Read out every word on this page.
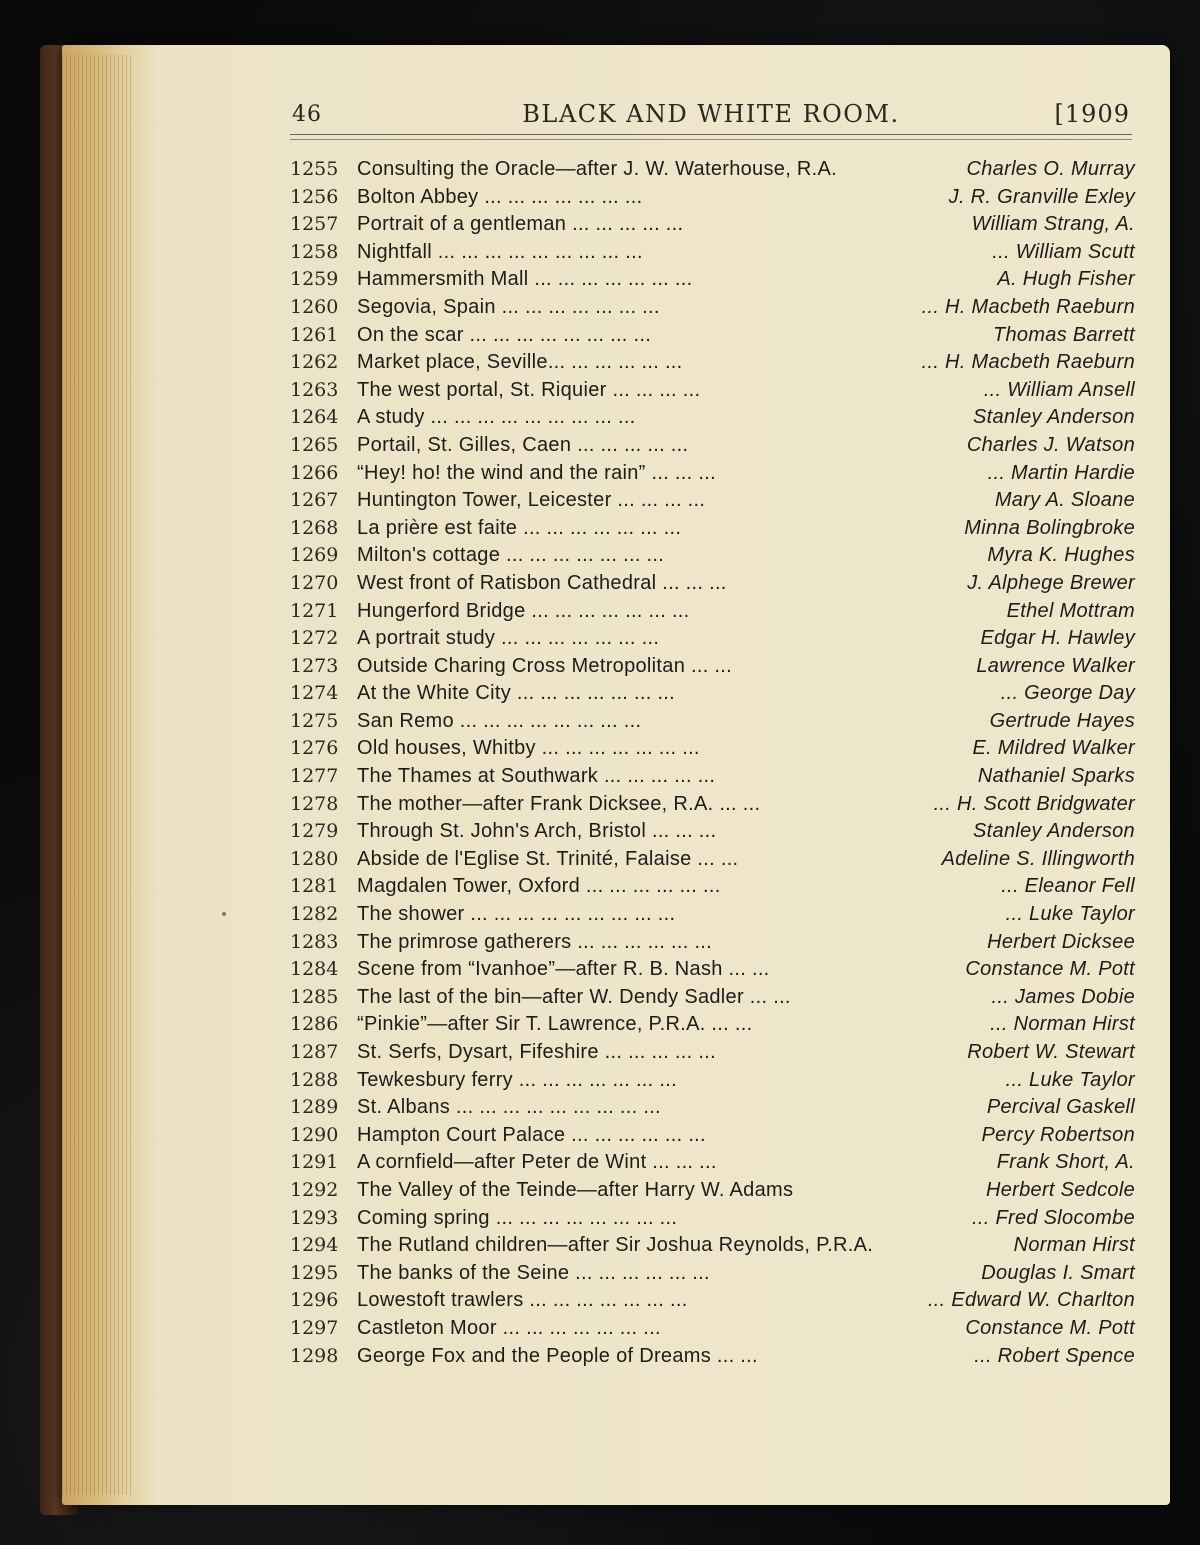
46	BLACK AND WHITE ROOM.	[1909
1255 Consulting the Oracle—after J. W. Waterhouse, R.A.	Charles O. Murray
1256 Bolton Abbey ... ... ... ... ... ... ...	J. R. Granville Exley
1257 Portrait of a gentleman ... ... ... ... ...	William Strang, A.
1258 Nightfall ... ... ... ... ... ... ... ... ...	... William Scutt
1259 Hammersmith Mall ... ... ... ... ... ... ...	A. Hugh Fisher
1260 Segovia, Spain ... ... ... ... ... ... ...	... H. Macbeth Raeburn
1261 On the scar ... ... ... ... ... ... ... ...	Thomas Barrett
1262 Market place, Seville... ... ... ... ... ...	... H. Macbeth Raeburn
1263 The west portal, St. Riquier ... ... ... ...	... William Ansell
1264 A study ... ... ... ... ... ... ... ... ...	Stanley Anderson
1265 Portail, St. Gilles, Caen ... ... ... ... ...	Charles J. Watson
1266 “Hey! ho! the wind and the rain” ... ... ...	... Martin Hardie
1267 Huntington Tower, Leicester ... ... ... ...	Mary A. Sloane
1268 La prière est faite ... ... ... ... ... ... ...	Minna Bolingbroke
1269 Milton's cottage ... ... ... ... ... ... ...	Myra K. Hughes
1270 West front of Ratisbon Cathedral ... ... ...	J. Alphege Brewer
1271 Hungerford Bridge ... ... ... ... ... ... ...	Ethel Mottram
1272 A portrait study ... ... ... ... ... ... ...	Edgar H. Hawley
1273 Outside Charing Cross Metropolitan ... ...	Lawrence Walker
1274 At the White City ... ... ... ... ... ... ...	... George Day
1275 San Remo ... ... ... ... ... ... ... ...	Gertrude Hayes
1276 Old houses, Whitby ... ... ... ... ... ... ...	E. Mildred Walker
1277 The Thames at Southwark ... ... ... ... ...	Nathaniel Sparks
1278 The mother—after Frank Dicksee, R.A. ... ...	... H. Scott Bridgwater
1279 Through St. John's Arch, Bristol ... ... ...	Stanley Anderson
1280 Abside de l'Eglise St. Trinité, Falaise ... ...	Adeline S. Illingworth
1281 Magdalen Tower, Oxford ... ... ... ... ... ...	... Eleanor Fell
1282 The shower ... ... ... ... ... ... ... ... ...	... Luke Taylor
1283 The primrose gatherers ... ... ... ... ... ...	Herbert Dicksee
1284 Scene from “Ivanhoe”—after R. B. Nash ... ...	Constance M. Pott
1285 The last of the bin—after W. Dendy Sadler ... ...	... James Dobie
1286 “Pinkie”—after Sir T. Lawrence, P.R.A. ... ...	... Norman Hirst
1287 St. Serfs, Dysart, Fifeshire ... ... ... ... ...	Robert W. Stewart
1288 Tewkesbury ferry ... ... ... ... ... ... ...	... Luke Taylor
1289 St. Albans ... ... ... ... ... ... ... ... ...	Percival Gaskell
1290 Hampton Court Palace ... ... ... ... ... ...	Percy Robertson
1291 A cornfield—after Peter de Wint ... ... ...	Frank Short, A.
1292 The Valley of the Teinde—after Harry W. Adams	Herbert Sedcole
1293 Coming spring ... ... ... ... ... ... ... ...	... Fred Slocombe
1294 The Rutland children—after Sir Joshua Reynolds, P.R.A.	Norman Hirst
1295 The banks of the Seine ... ... ... ... ... ...	Douglas I. Smart
1296 Lowestoft trawlers ... ... ... ... ... ... ...	... Edward W. Charlton
1297 Castleton Moor ... ... ... ... ... ... ...	Constance M. Pott
1298 George Fox and the People of Dreams ... ...	... Robert Spence
